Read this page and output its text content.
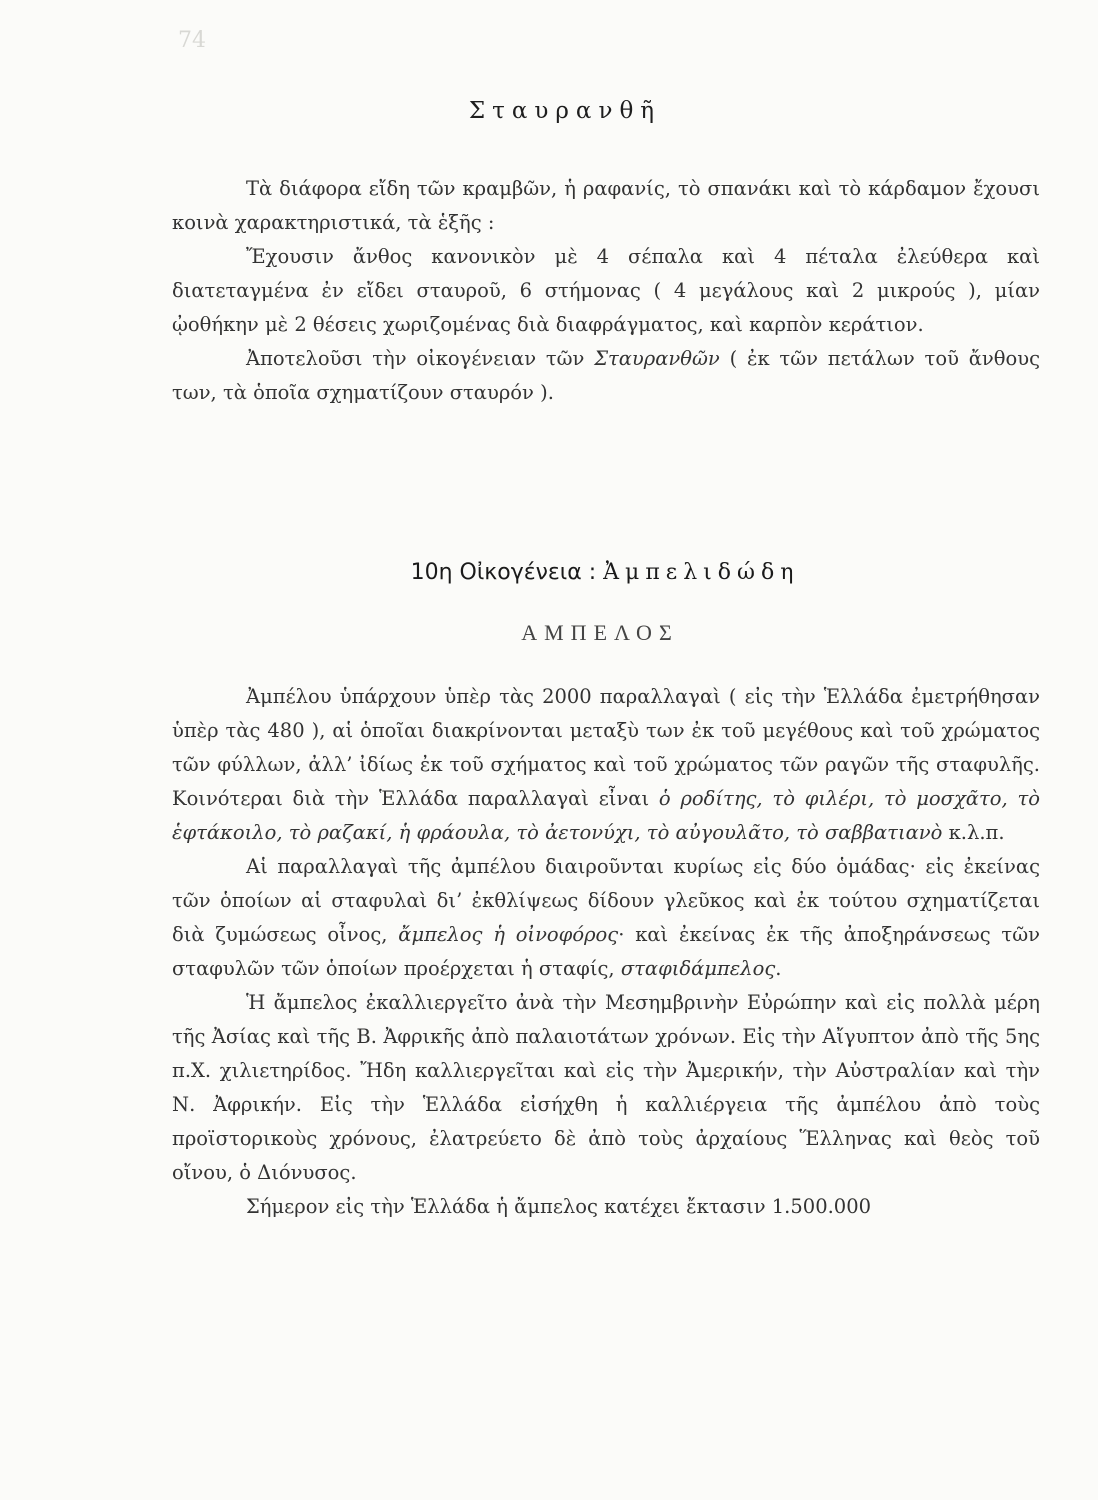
74
Σταυρανθῆ

Τὰ διάφορα εἴδη τῶν κραμβῶν, ἡ ραφανίς, τὸ σπανάκι καὶ τὸ κάρδαμον ἔχουσι κοινὰ χαρακτηριστικά, τὰ ἑξῆς :

Ἔχουσιν ἄνθος κανονικὸν μὲ 4 σέπαλα καὶ 4 πέταλα ἐλεύθερα καὶ διατεταγμένα ἐν εἴδει σταυροῦ, 6 στήμονας ( 4 μεγάλους καὶ 2 μικρούς ), μίαν ᾠοθήκην μὲ 2 θέσεις χωριζομένας διὰ διαφράγματος, καὶ καρπὸν κεράτιον.

Ἀποτελοῦσι τὴν οἰκογένειαν τῶν Σταυρανθῶν ( ἐκ τῶν πετάλων τοῦ ἄνθους των, τὰ ὁποῖα σχηματίζουν σταυρόν ).

10η Οἰκογένεια : Ἀμπελιδώδη
ΑΜΠΕΛΟΣ

Ἀμπέλου ὑπάρχουν ὑπὲρ τὰς 2000 παραλλαγαὶ ( εἰς τὴν Ἑλλάδα ἐμετρήθησαν ὑπὲρ τὰς 480 ), αἱ ὁποῖαι διακρίνονται μεταξὺ των ἐκ τοῦ μεγέθους καὶ τοῦ χρώματος τῶν φύλλων, ἀλλ’ ἰδίως ἐκ τοῦ σχήματος καὶ τοῦ χρώματος τῶν ραγῶν τῆς σταφυλῆς. Κοινότεραι διὰ τὴν Ἑλλάδα παραλλαγαὶ εἶναι ὁ ροδίτης, τὸ φιλέρι, τὸ μοσχᾶτο, τὸ ἑφτάκοιλο, τὸ ραζακί, ἡ φράουλα, τὸ ἀετονύχι, τὸ αὐγουλᾶτο, τὸ σαββατιανὸ κ.λ.π.

Αἱ παραλλαγαὶ τῆς ἀμπέλου διαιροῦνται κυρίως εἰς δύο ὁμάδας· εἰς ἐκείνας τῶν ὁποίων αἱ σταφυλαὶ δι’ ἐκθλίψεως δίδουν γλεῦκος καὶ ἐκ τούτου σχηματίζεται διὰ ζυμώσεως οἶνος, ἄμπελος ἡ οἰνοφόρος· καὶ ἐκείνας ἐκ τῆς ἀποξηράνσεως τῶν σταφυλῶν τῶν ὁποίων προέρχεται ἡ σταφίς, σταφιδάμπελος.

Ἡ ἄμπελος ἐκαλλιεργεῖτο ἀνὰ τὴν Μεσημβρινὴν Εὐρώπην καὶ εἰς πολλὰ μέρη τῆς Ἀσίας καὶ τῆς Β. Ἀφρικῆς ἀπὸ παλαιοτάτων χρόνων. Εἰς τὴν Αἴγυπτον ἀπὸ τῆς 5ης π.Χ. χιλιετηρίδος. Ἤδη καλλιεργεῖται καὶ εἰς τὴν Ἀμερικήν, τὴν Αὐστραλίαν καὶ τὴν Ν. Ἀφρικήν. Εἰς τὴν Ἑλλάδα εἰσήχθη ἡ καλλιέργεια τῆς ἀμπέλου ἀπὸ τοὺς προϊστορικοὺς χρόνους, ἐλατρεύετο δὲ ἀπὸ τοὺς ἀρχαίους Ἕλληνας καὶ θεὸς τοῦ οἴνου, ὁ Διόνυσος.

Σήμερον εἰς τὴν Ἑλλάδα ἡ ἄμπελος κατέχει ἔκτασιν 1.500.000
